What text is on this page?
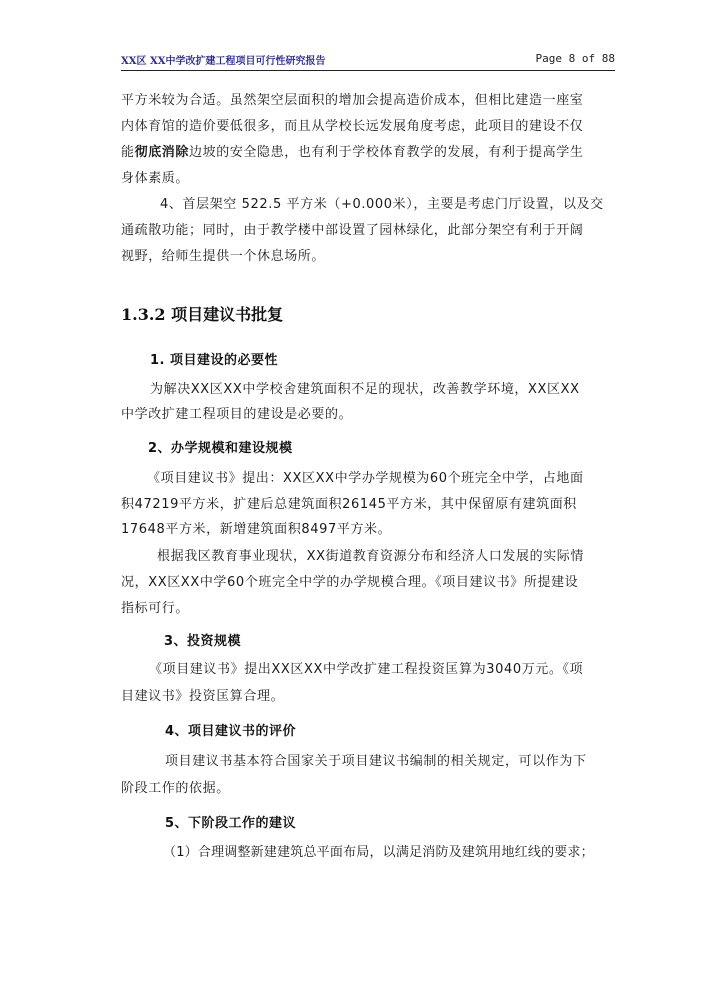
XX区 XX中学改扩建工程项目可行性研究报告	Page 8 of 88
平方米较为合适。虽然架空层面积的增加会提高造价成本，但相比建造一座室
内体育馆的造价要低很多，而且从学校长远发展角度考虑，此项目的建设不仅
能彻底消除边坡的安全隐患，也有利于学校体育教学的发展，有利于提高学生
身体素质。
4、首层架空 522.5 平方米（+0.000米），主要是考虑门厅设置，以及交
通疏散功能；同时，由于教学楼中部设置了园林绿化，此部分架空有利于开阔
视野，给师生提供一个休息场所。
1.3.2 项目建议书批复
1. 项目建设的必要性
为解决XX区XX中学校舍建筑面积不足的现状，改善教学环境，XX区XX
中学改扩建工程项目的建设是必要的。
2、办学规模和建设规模
《项目建议书》提出：XX区XX中学办学规模为60个班完全中学，占地面
积47219平方米，扩建后总建筑面积26145平方米，其中保留原有建筑面积
17648平方米，新增建筑面积8497平方米。
根据我区教育事业现状，XX街道教育资源分布和经济人口发展的实际情
况，XX区XX中学60个班完全中学的办学规模合理。《项目建议书》所提建设
指标可行。
3、投资规模
《项目建议书》提出XX区XX中学改扩建工程投资匡算为3040万元。《项
目建议书》投资匡算合理。
4、项目建议书的评价
项目建议书基本符合国家关于项目建议书编制的相关规定，可以作为下
阶段工作的依据。
5、下阶段工作的建议
（1）合理调整新建建筑总平面布局，以满足消防及建筑用地红线的要求；
